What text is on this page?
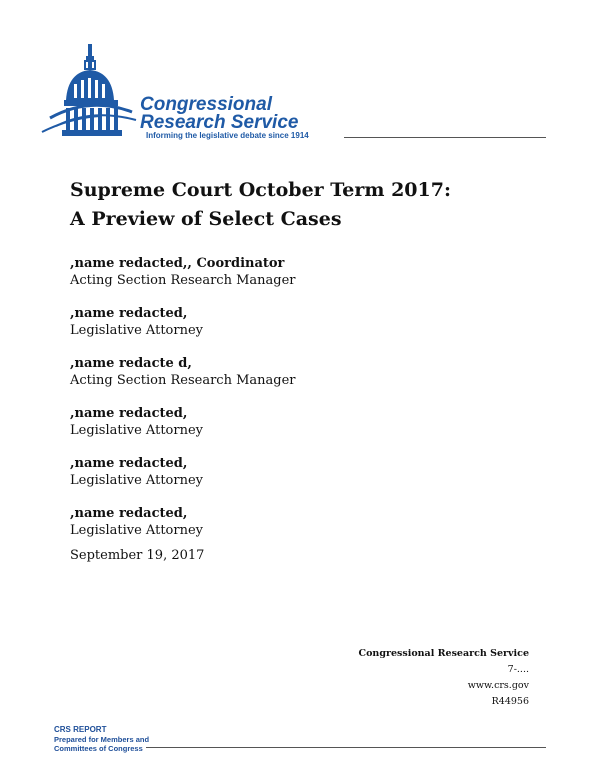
Congressional
Research Service
Informing the legislative debate since 1914
Supreme Court October Term 2017:
A Preview of Select Cases
,name redacted,, Coordinator
Acting Section Research Manager
,name redacted,
Legislative Attorney
,name redacte d,
Acting Section Research Manager
,name redacted,
Legislative Attorney
,name redacted,
Legislative Attorney
,name redacted,
Legislative Attorney
September 19, 2017
Congressional Research Service
7-....
www.crs.gov
R44956
CRS REPORT
Prepared for Members and
Committees of Congress
